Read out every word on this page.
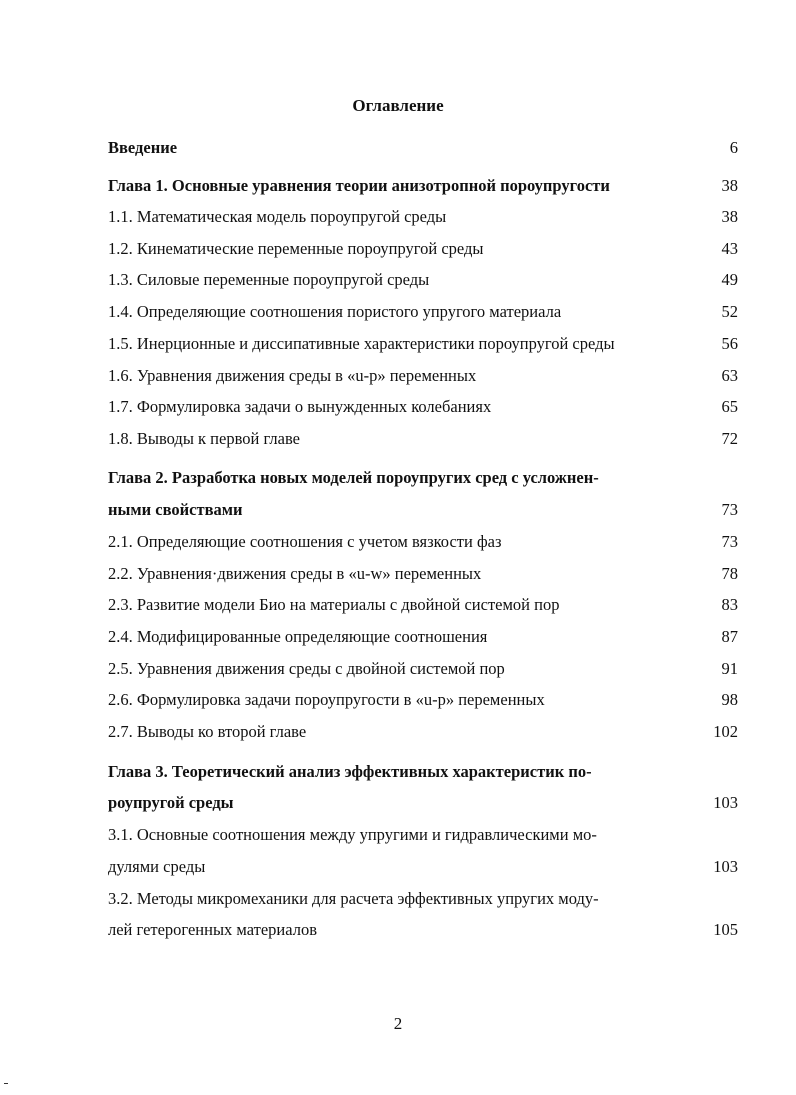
Оглавление
Введение	6
Глава 1. Основные уравнения теории анизотропной пороупругости	38
1.1. Математическая модель пороупругой среды	38
1.2. Кинематические переменные пороупругой среды	43
1.3. Силовые переменные пороупругой среды	49
1.4. Определяющие соотношения пористого упругого материала	52
1.5. Инерционные и диссипативные характеристики пороупругой среды	56
1.6. Уравнения движения среды в «u-p» переменных	63
1.7. Формулировка задачи о вынужденных колебаниях	65
1.8. Выводы к первой главе	72
Глава 2. Разработка новых моделей пороупругих сред с усложнен-
ными свойствами	73
2.1. Определяющие соотношения с учетом вязкости фаз	73
2.2. Уравнения·движения среды в «u-w» переменных	78
2.3. Развитие модели Био на материалы с двойной системой пор	83
2.4. Модифицированные определяющие соотношения	87
2.5. Уравнения движения среды с двойной системой пор	91
2.6. Формулировка задачи пороупругости в «u-p» переменных	98
2.7. Выводы ко второй главе	102
Глава 3. Теоретический анализ эффективных характеристик по-
роупругой среды	103
3.1. Основные соотношения между упругими и гидравлическими мо-
дулями среды	103
3.2. Методы микромеханики для расчета эффективных упругих моду-
лей гетерогенных материалов	105
2
